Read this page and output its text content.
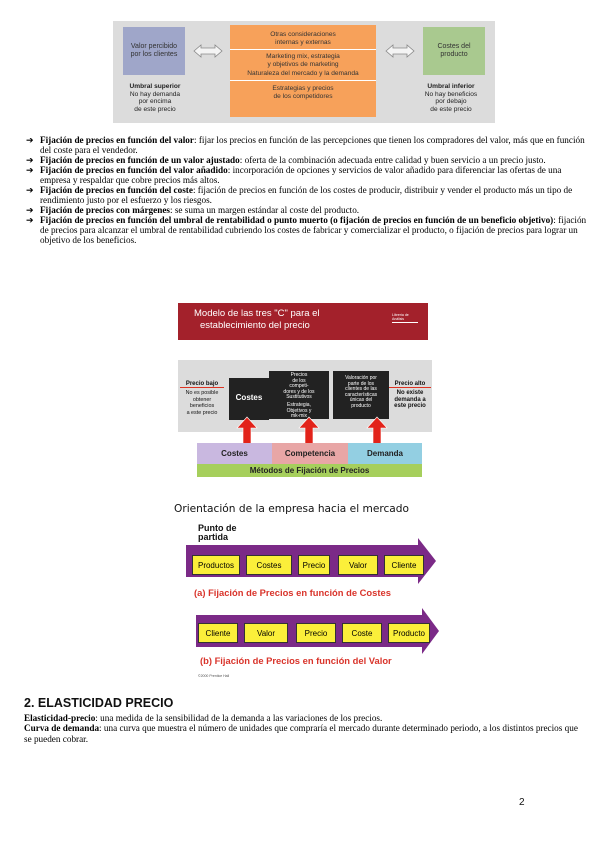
Valor percibido por los clientes
Otras consideraciones
internas y externas
Marketing mix, estrategia
y objetivos de marketing
Naturaleza del mercado y la demanda
Estrategias y precios
de los competidores
Costes del producto
Umbral superior
No hay demanda
por encima
de este precio
Umbral inferior
No hay beneficios
por debajo
de este precio
➔ Fijación de precios en función del valor: fijar los precios en función de las percepciones que tienen los compradores del valor, más que en función del coste para el vendedor.
➔ Fijación de precios en función de un valor ajustado: oferta de la combinación adecuada entre calidad y buen servicio a un precio justo.
➔ Fijación de precios en función del valor añadido: incorporación de opciones y servicios de valor añadido para diferenciar las ofertas de una empresa y respaldar que cobre precios más altos.
➔ Fijación de precios en función del coste: fijación de precios en función de los costes de producir, distribuir y vender el producto más un tipo de rendimiento justo por el esfuerzo y los riesgos.
➔ Fijación de precios con márgenes: se suma un margen estándar al coste del producto.
➔ Fijación de precios en función del umbral de rentabilidad o punto muerto (o fijación de precios en función de un beneficio objetivo): fijación de precios para alcanzar el umbral de rentabilidad cubriendo los costes de fabricar y comercializar el producto, o fijación de precios para lograr un objetivo de los beneficios.
Modelo de las tres "C" para el
establecimiento del precio
Librería de
Análisis
Precio bajo
No es posible
obtener beneficios
a este precio
Costes
Precios
de los
competi-
dores y de los
Sustitutivos
Estrategia,
Objetivos y
mk-mix
Valoración por
parte de los
clientes de las
características
únicas del
producto
Precio alto
No existe
demanda a
este precio
Costes	Competencia	Demanda
Métodos de Fijación de Precios
Orientación de la empresa hacia el mercado
Punto de
partida
Productos	Costes	Precio	Valor	Cliente
(a) Fijación de Precios en función de Costes
Cliente	Valor	Precio	Coste	Producto
(b) Fijación de Precios en función del Valor
©2000 Prentice Hall
2. ELASTICIDAD PRECIO
Elasticidad-precio: una medida de la sensibilidad de la demanda a las variaciones de los precios.
Curva de demanda: una curva que muestra el número de unidades que compraría el mercado durante determinado periodo, a los distintos precios que se pueden cobrar.
2
